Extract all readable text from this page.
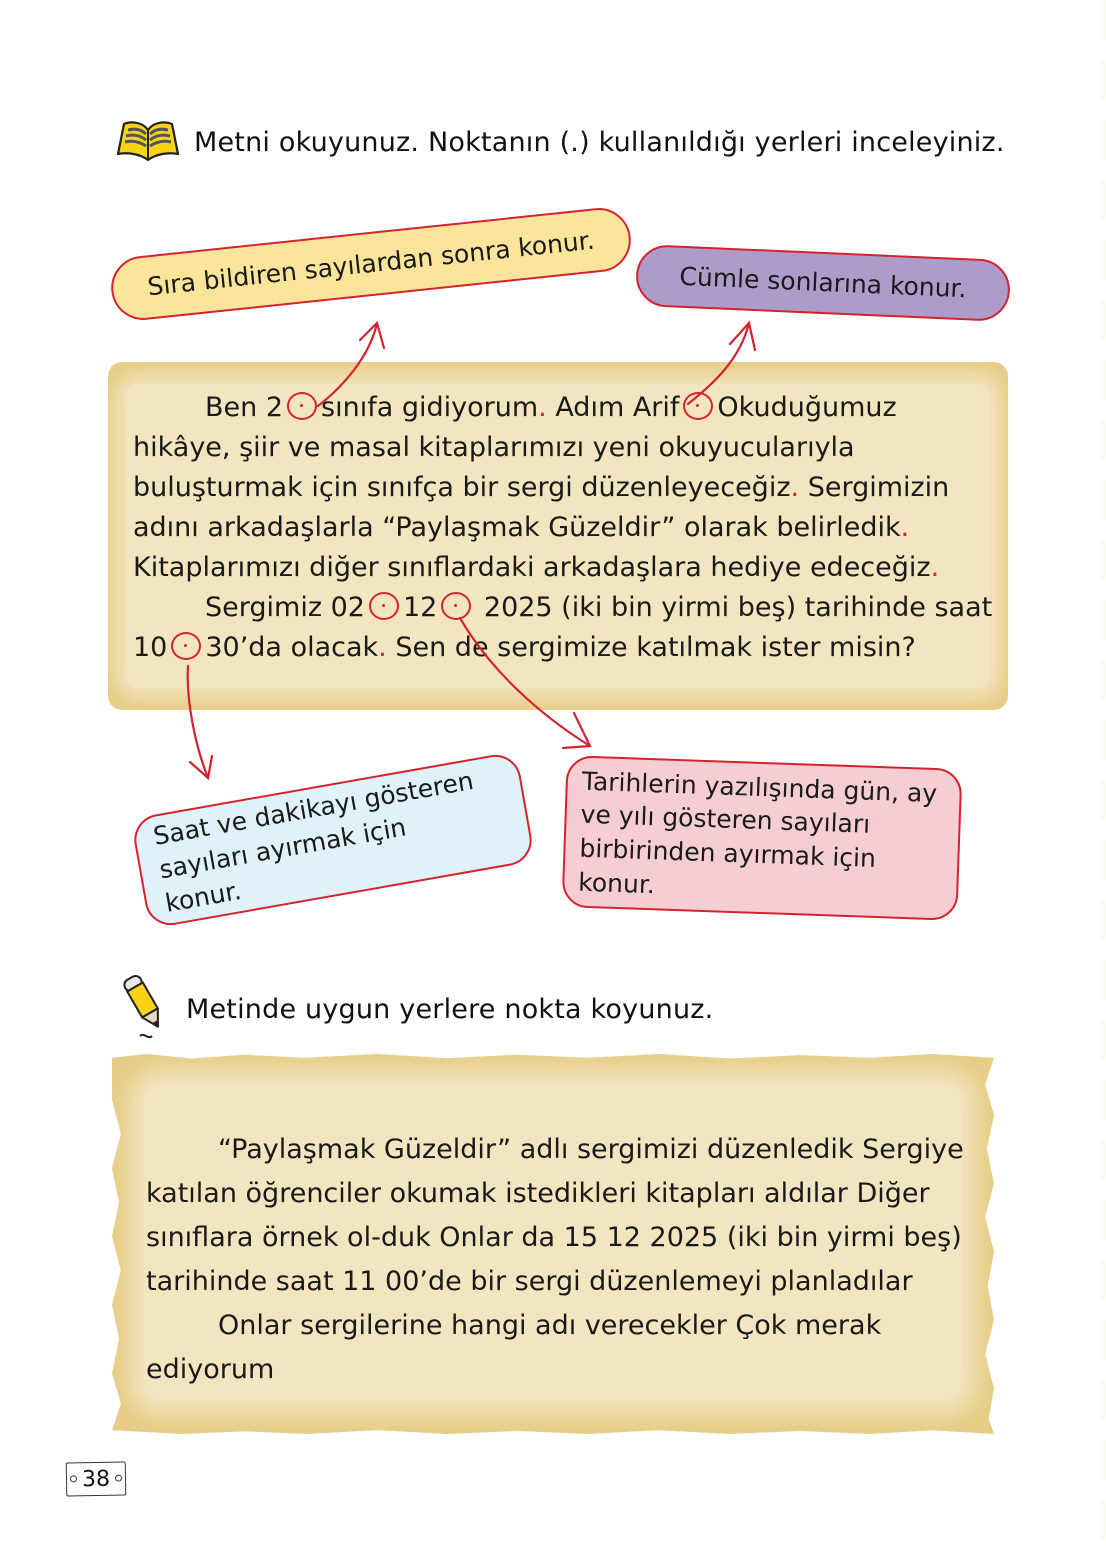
Metni okuyunuz. Noktanın (.) kullanıldığı yerleri inceleyiniz.
Sıra bildiren sayılardan sonra konur.	Cümle sonlarına konur.

Ben 2 sınıfa gidiyorum. Adım Arif Okuduğumuz hikâye, şiir ve masal kitaplarımızı yeni okuyucularıyla buluşturmak için sınıfça bir sergi düzenleyeceğiz. Sergimizin adını arkadaşlarla “Paylaşmak Güzeldir” olarak belirledik. Kitaplarımızı diğer sınıflardaki arkadaşlara hediye edeceğiz.

Sergimiz 02 12 2025 (iki bin yirmi beş) tarihinde saat 10 30’da olacak. Sen de sergimize katılmak ister misin?

Saat ve dakikayı gösteren sayıları ayırmak için konur.
Tarihlerin yazılışında gün, ay ve yılı gösteren sayıları birbirinden ayırmak için konur.
Metinde uygun yerlere nokta koyunuz.

“Paylaşmak Güzeldir” adlı sergimizi düzenledik Sergiye katılan öğrenciler okumak istedikleri kitapları aldılar Diğer sınıflara örnek ol-duk Onlar da 15 12 2025 (iki bin yirmi beş) tarihinde saat 11 00’de bir sergi düzenlemeyi planladılar

Onlar sergilerine hangi adı verecekler Çok merak ediyorum

38
